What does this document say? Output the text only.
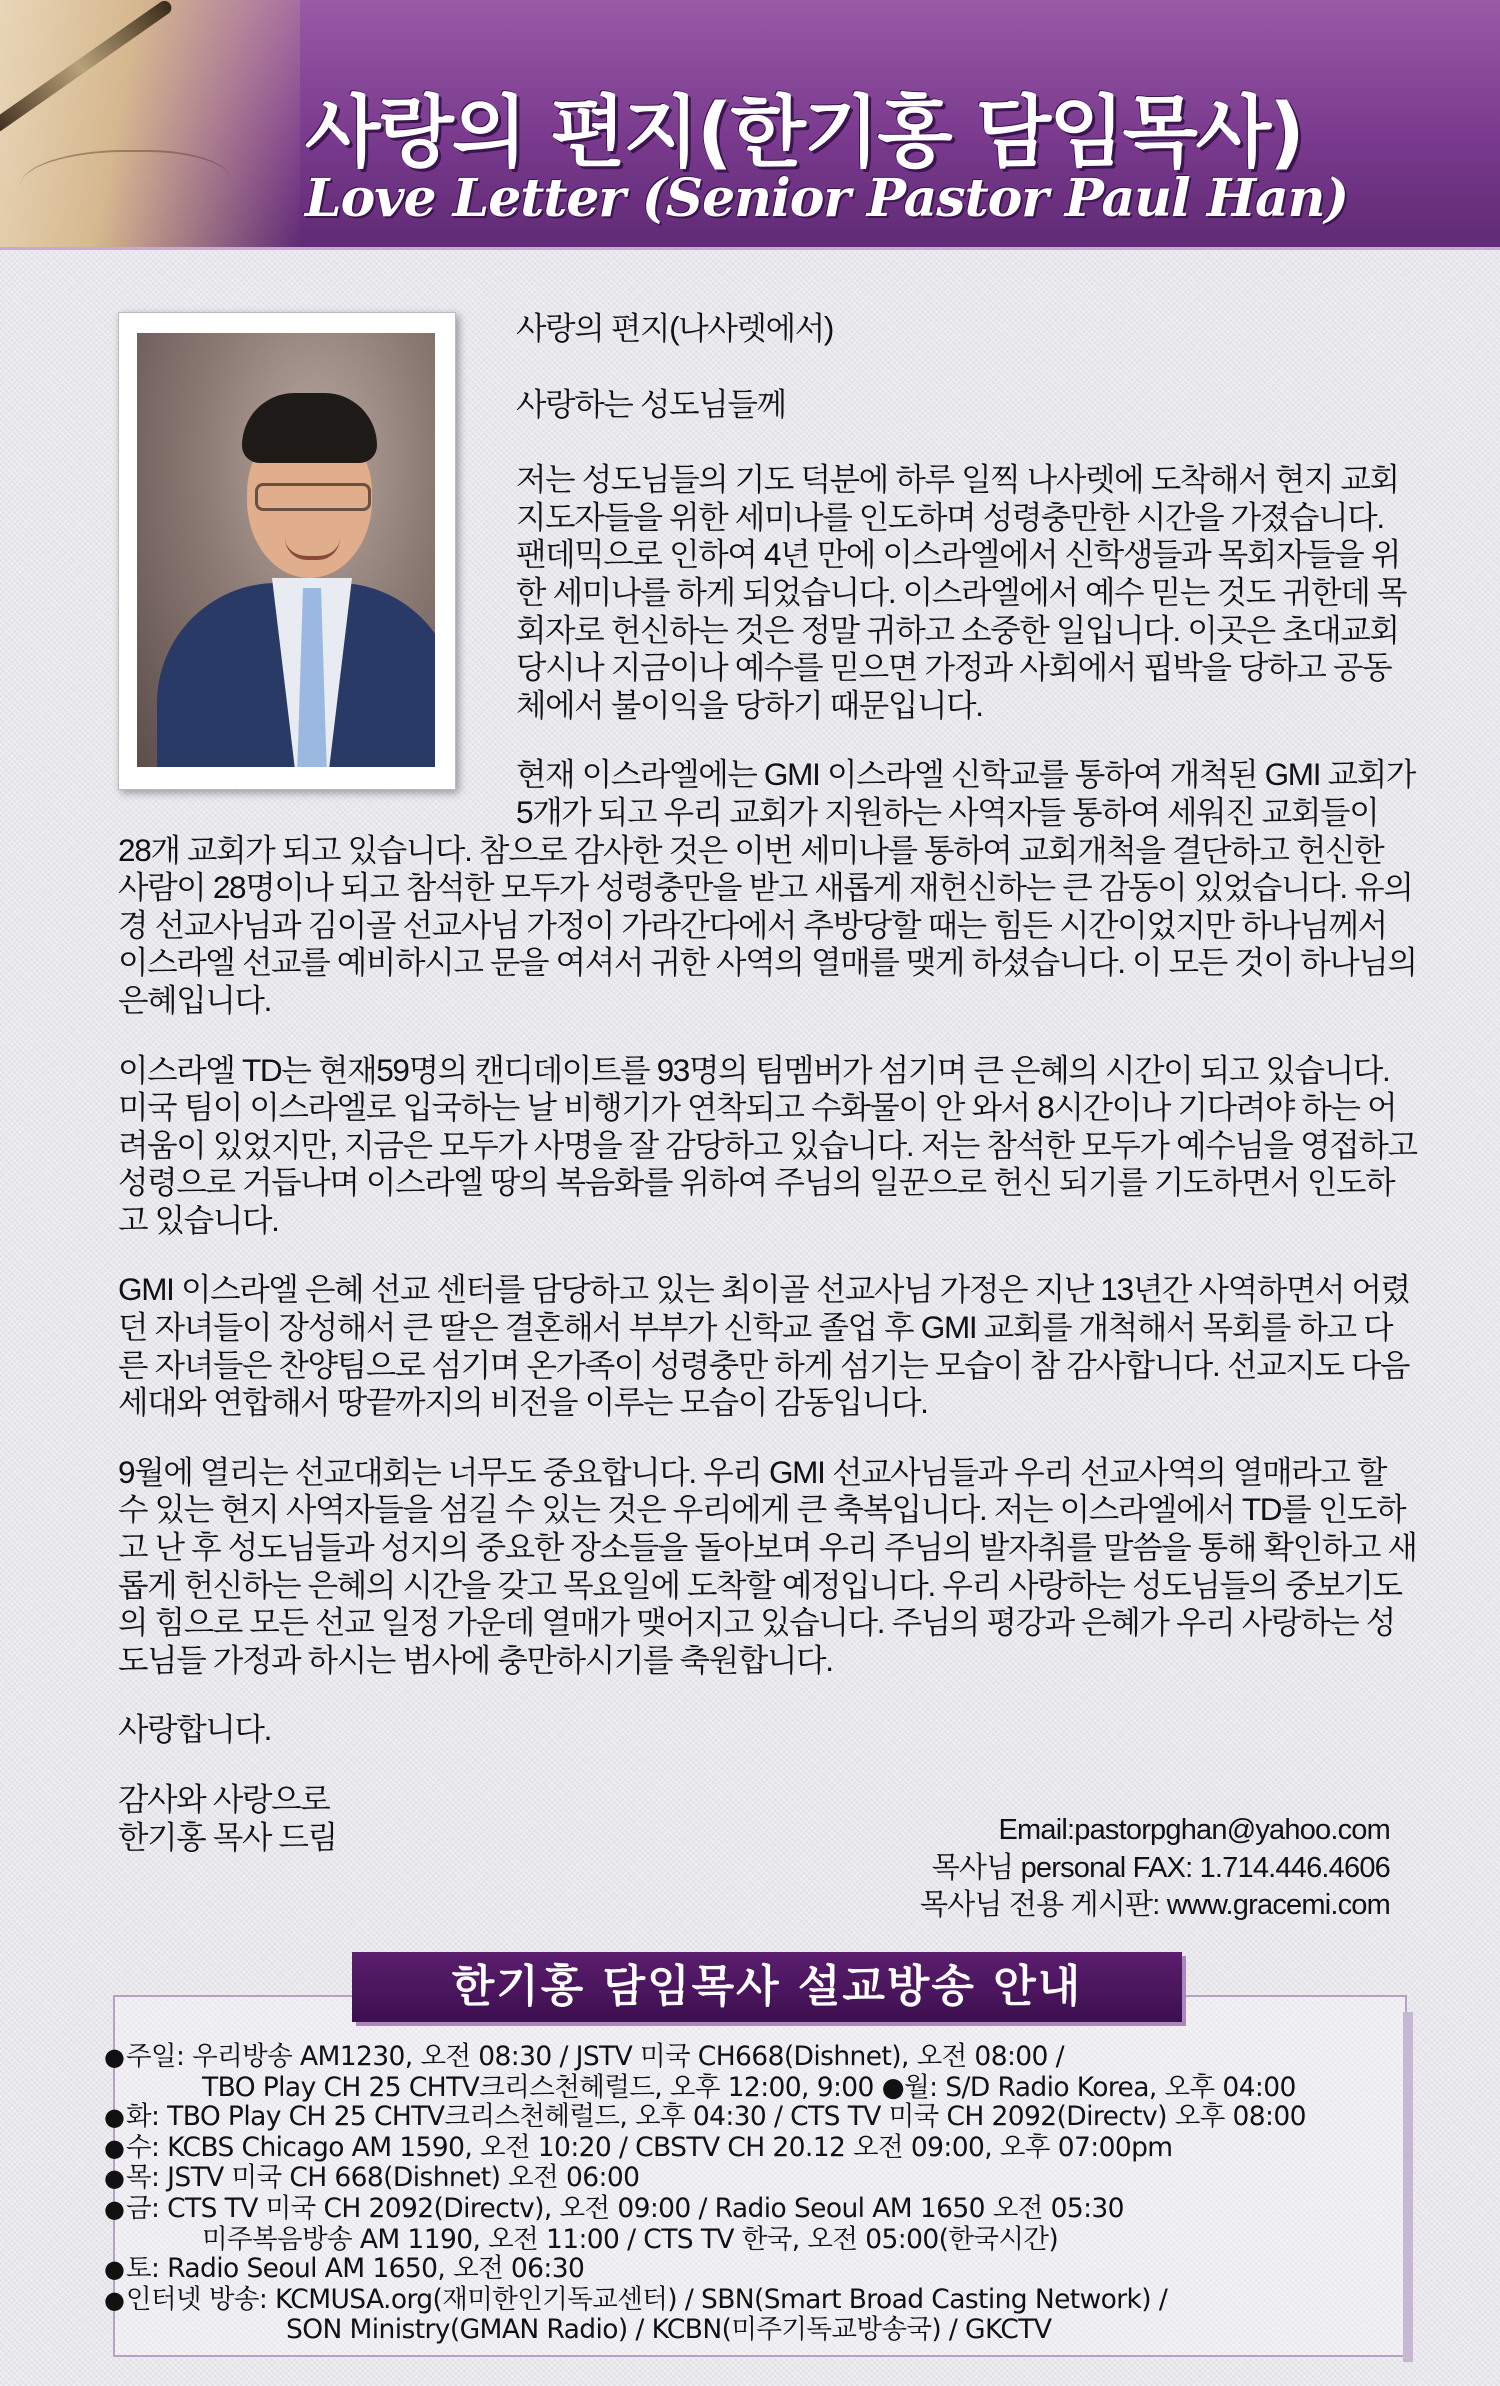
사랑의 편지(한기홍 담임목사)
Love Letter (Senior Pastor Paul Han)

사랑의 편지(나사렛에서)

사랑하는 성도님들께

저는 성도님들의 기도 덕분에 하루 일찍 나사렛에 도착해서 현지 교회 지도자들을 위한 세미나를 인도하며 성령충만한 시간을 가졌습니다. 팬데믹으로 인하여 4년 만에 이스라엘에서 신학생들과 목회자들을 위한 세미나를 하게 되었습니다. 이스라엘에서 예수 믿는 것도 귀한데 목회자로 헌신하는 것은 정말 귀하고 소중한 일입니다. 이곳은 초대교회 당시나 지금이나 예수를 믿으면 가정과 사회에서 핍박을 당하고 공동체에서 불이익을 당하기 때문입니다.

현재 이스라엘에는 GMI 이스라엘 신학교를 통하여 개척된 GMI 교회가 5개가 되고 우리 교회가 지원하는 사역자들 통하여 세워진 교회들이 28개 교회가 되고 있습니다. 참으로 감사한 것은 이번 세미나를 통하여 교회개척을 결단하고 헌신한 사람이 28명이나 되고 참석한 모두가 성령충만을 받고 새롭게 재헌신하는 큰 감동이 있었습니다. 유의경 선교사님과 김이골 선교사님 가정이 가라간다에서 추방당할 때는 힘든 시간이었지만 하나님께서 이스라엘 선교를 예비하시고 문을 여셔서 귀한 사역의 열매를 맺게 하셨습니다. 이 모든 것이 하나님의 은혜입니다.

이스라엘 TD는 현재59명의 캔디데이트를 93명의 팀멤버가 섬기며 큰 은혜의 시간이 되고 있습니다. 미국 팀이 이스라엘로 입국하는 날 비행기가 연착되고 수화물이 안 와서 8시간이나 기다려야 하는 어려움이 있었지만, 지금은 모두가 사명을 잘 감당하고 있습니다. 저는 참석한 모두가 예수님을 영접하고 성령으로 거듭나며 이스라엘 땅의 복음화를 위하여 주님의 일꾼으로 헌신 되기를 기도하면서 인도하고 있습니다.

GMI 이스라엘 은혜 선교 센터를 담당하고 있는 최이골 선교사님 가정은 지난 13년간 사역하면서 어렸던 자녀들이 장성해서 큰 딸은 결혼해서 부부가 신학교 졸업 후 GMI 교회를 개척해서 목회를 하고 다른 자녀들은 찬양팀으로 섬기며 온가족이 성령충만 하게 섬기는 모습이 참 감사합니다. 선교지도 다음세대와 연합해서 땅끝까지의 비전을 이루는 모습이 감동입니다.

9월에 열리는 선교대회는 너무도 중요합니다. 우리 GMI 선교사님들과 우리 선교사역의 열매라고 할 수 있는 현지 사역자들을 섬길 수 있는 것은 우리에게 큰 축복입니다. 저는 이스라엘에서 TD를 인도하고 난 후 성도님들과 성지의 중요한 장소들을 돌아보며 우리 주님의 발자취를 말씀을 통해 확인하고 새롭게 헌신하는 은혜의 시간을 갖고 목요일에 도착할 예정입니다. 우리 사랑하는 성도님들의 중보기도의 힘으로 모든 선교 일정 가운데 열매가 맺어지고 있습니다. 주님의 평강과 은혜가 우리 사랑하는 성도님들 가정과 하시는 범사에 충만하시기를 축원합니다.

사랑합니다.

감사와 사랑으로

한기홍 목사 드림	Email:pastorpghan@yahoo.com
목사님 personal FAX: 1.714.446.4606
목사님 전용 게시판: www.gracemi.com
한기홍 담임목사 설교방송 안내
●주일: 우리방송 AM1230, 오전 08:30 / JSTV 미국 CH668(Dishnet), 오전 08:00 /
TBO Play CH 25 CHTV크리스천헤럴드, 오후 12:00, 9:00 ●월: S/D Radio Korea, 오후 04:00
●화: TBO Play CH 25 CHTV크리스천헤럴드, 오후 04:30 / CTS TV 미국 CH 2092(Directv) 오후 08:00
●수: KCBS Chicago AM 1590, 오전 10:20 / CBSTV CH 20.12 오전 09:00, 오후 07:00pm
●목: JSTV 미국 CH 668(Dishnet) 오전 06:00
●금: CTS TV 미국 CH 2092(Directv), 오전 09:00 / Radio Seoul AM 1650 오전 05:30
미주복음방송 AM 1190, 오전 11:00 / CTS TV 한국, 오전 05:00(한국시간)
●토: Radio Seoul AM 1650, 오전 06:30
●인터넷 방송: KCMUSA.org(재미한인기독교센터) / SBN(Smart Broad Casting Network) /
SON Ministry(GMAN Radio) / KCBN(미주기독교방송국) / GKCTV
